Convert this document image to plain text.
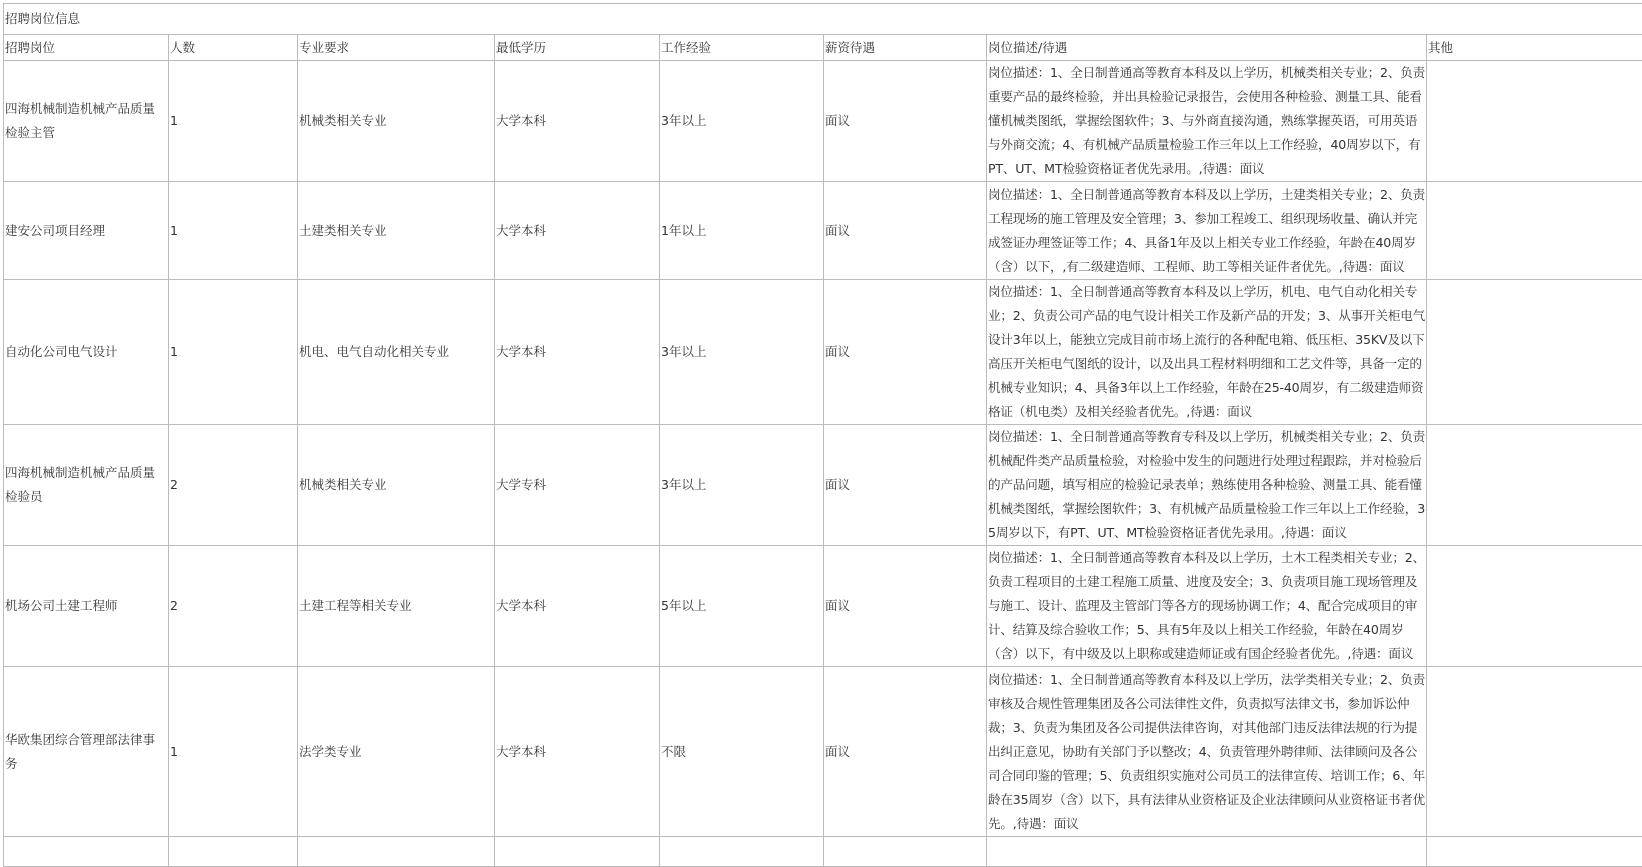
招聘岗位信息							
招聘岗位	人数	专业要求	最低学历	工作经验	薪资待遇	岗位描述/待遇	其他
四海机械制造机械产品质量检验主管	1	机械类相关专业	大学本科	3年以上	面议	岗位描述：1、全日制普通高等教育本科及以上学历，机械类相关专业；2、负责重要产品的最终检验，并出具检验记录报告，会使用各种检验、测量工具、能看懂机械类图纸，掌握绘图软件；3、与外商直接沟通，熟练掌握英语，可用英语与外商交流；4、有机械产品质量检验工作三年以上工作经验，40周岁以下，有PT、UT、MT检验资格证者优先录用。,待遇：面议	
建安公司项目经理	1	土建类相关专业	大学本科	1年以上	面议	岗位描述：1、全日制普通高等教育本科及以上学历，土建类相关专业；2、负责工程现场的施工管理及安全管理；3、参加工程竣工、组织现场收量、确认并完成签证办理签证等工作；4、具备1年及以上相关专业工作经验，年龄在40周岁（含）以下，,有二级建造师、工程师、助工等相关证件者优先。,待遇：面议	
自动化公司电气设计	1	机电、电气自动化相关专业	大学本科	3年以上	面议	岗位描述：1、全日制普通高等教育本科及以上学历，机电、电气自动化相关专业；2、负责公司产品的电气设计相关工作及新产品的开发；3、从事开关柜电气设计3年以上，能独立完成目前市场上流行的各种配电箱、低压柜、35KV及以下高压开关柜电气图纸的设计，以及出具工程材料明细和工艺文件等，具备一定的机械专业知识；4、具备3年以上工作经验，年龄在25-40周岁，有二级建造师资格证（机电类）及相关经验者优先。,待遇：面议	
四海机械制造机械产品质量检验员	2	机械类相关专业	大学专科	3年以上	面议	岗位描述：1、全日制普通高等教育专科及以上学历，机械类相关专业；2、负责机械配件类产品质量检验，对检验中发生的问题进行处理过程跟踪，并对检验后的产品问题，填写相应的检验记录表单；熟练使用各种检验、测量工具、能看懂机械类图纸，掌握绘图软件；3、有机械产品质量检验工作三年以上工作经验，35周岁以下，有PT、UT、MT检验资格证者优先录用。,待遇：面议	
机场公司土建工程师	2	土建工程等相关专业	大学本科	5年以上	面议	岗位描述：1、全日制普通高等教育本科及以上学历，土木工程类相关专业；2、负责工程项目的土建工程施工质量、进度及安全；3、负责项目施工现场管理及与施工、设计、监理及主管部门等各方的现场协调工作；4、配合完成项目的审计、结算及综合验收工作；5、具有5年及以上相关工作经验，年龄在40周岁（含）以下，有中级及以上职称或建造师证或有国企经验者优先。,待遇：面议	
华欧集团综合管理部法律事务	1	法学类专业	大学本科	不限	面议	岗位描述：1、全日制普通高等教育本科及以上学历，法学类相关专业；2、负责审核及合规性管理集团及各公司法律性文件，负责拟写法律文书，参加诉讼仲裁；3、负责为集团及各公司提供法律咨询，对其他部门违反法律法规的行为提出纠正意见，协助有关部门予以整改；4、负责管理外聘律师、法律顾问及各公司合同印鉴的管理；5、负责组织实施对公司员工的法律宣传、培训工作；6、年龄在35周岁（含）以下，具有法律从业资格证及企业法律顾问从业资格证书者优先。,待遇：面议	
